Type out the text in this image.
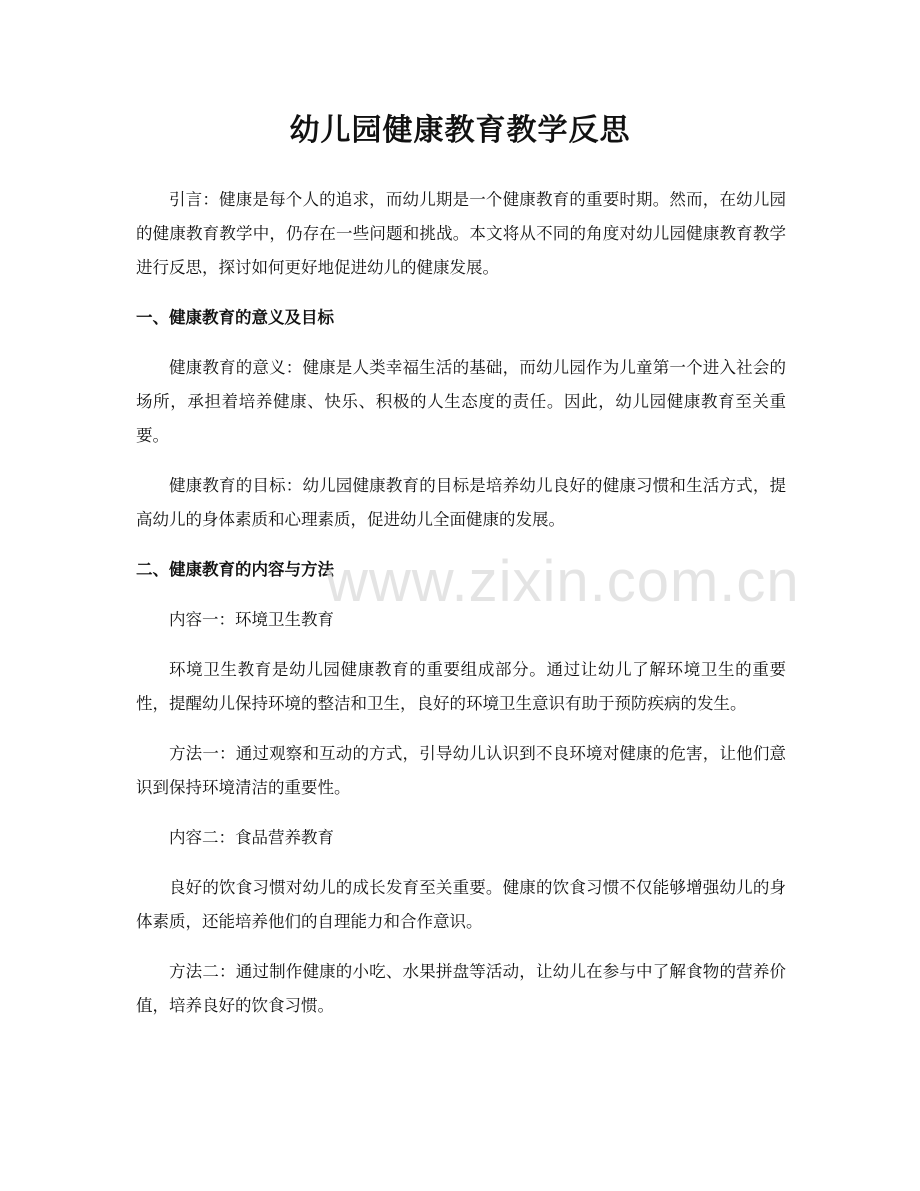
幼儿园健康教育教学反思

引言：健康是每个人的追求，而幼儿期是一个健康教育的重要时期。然而，在幼儿园的健康教育教学中，仍存在一些问题和挑战。本文将从不同的角度对幼儿园健康教育教学进行反思，探讨如何更好地促进幼儿的健康发展。

一、健康教育的意义及目标

健康教育的意义：健康是人类幸福生活的基础，而幼儿园作为儿童第一个进入社会的场所，承担着培养健康、快乐、积极的人生态度的责任。因此，幼儿园健康教育至关重要。

健康教育的目标：幼儿园健康教育的目标是培养幼儿良好的健康习惯和生活方式，提高幼儿的身体素质和心理素质，促进幼儿全面健康的发展。

二、健康教育的内容与方法

内容一：环境卫生教育

环境卫生教育是幼儿园健康教育的重要组成部分。通过让幼儿了解环境卫生的重要性，提醒幼儿保持环境的整洁和卫生，良好的环境卫生意识有助于预防疾病的发生。

方法一：通过观察和互动的方式，引导幼儿认识到不良环境对健康的危害，让他们意识到保持环境清洁的重要性。

内容二：食品营养教育

良好的饮食习惯对幼儿的成长发育至关重要。健康的饮食习惯不仅能够增强幼儿的身体素质，还能培养他们的自理能力和合作意识。

方法二：通过制作健康的小吃、水果拼盘等活动，让幼儿在参与中了解食物的营养价值，培养良好的饮食习惯。

www.zixin.com.cn
